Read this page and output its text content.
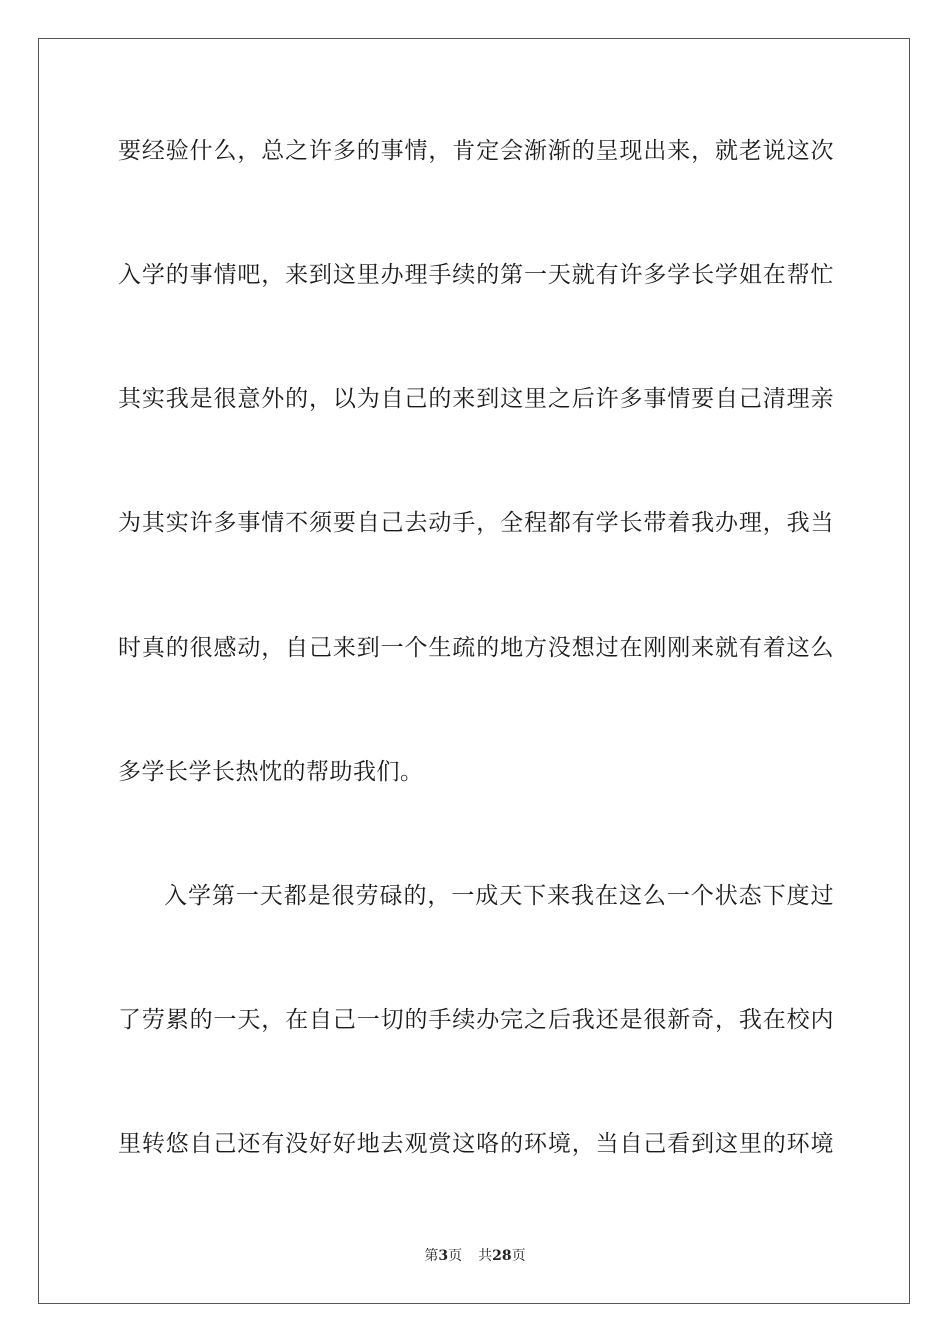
要经验什么，总之许多的事情，肯定会渐渐的呈现出来，就老说这次
入学的事情吧，来到这里办理手续的第一天就有许多学长学姐在帮忙
其实我是很意外的，以为自己的来到这里之后许多事情要自己清理亲
为其实许多事情不须要自己去动手，全程都有学长带着我办理，我当
时真的很感动，自己来到一个生疏的地方没想过在刚刚来就有着这么
多学长学长热忱的帮助我们。
入学第一天都是很劳碌的，一成天下来我在这么一个状态下度过
了劳累的一天，在自己一切的手续办完之后我还是很新奇，我在校内
里转悠自己还有没好好地去观赏这咯的环境，当自己看到这里的环境
第3页 共28页
